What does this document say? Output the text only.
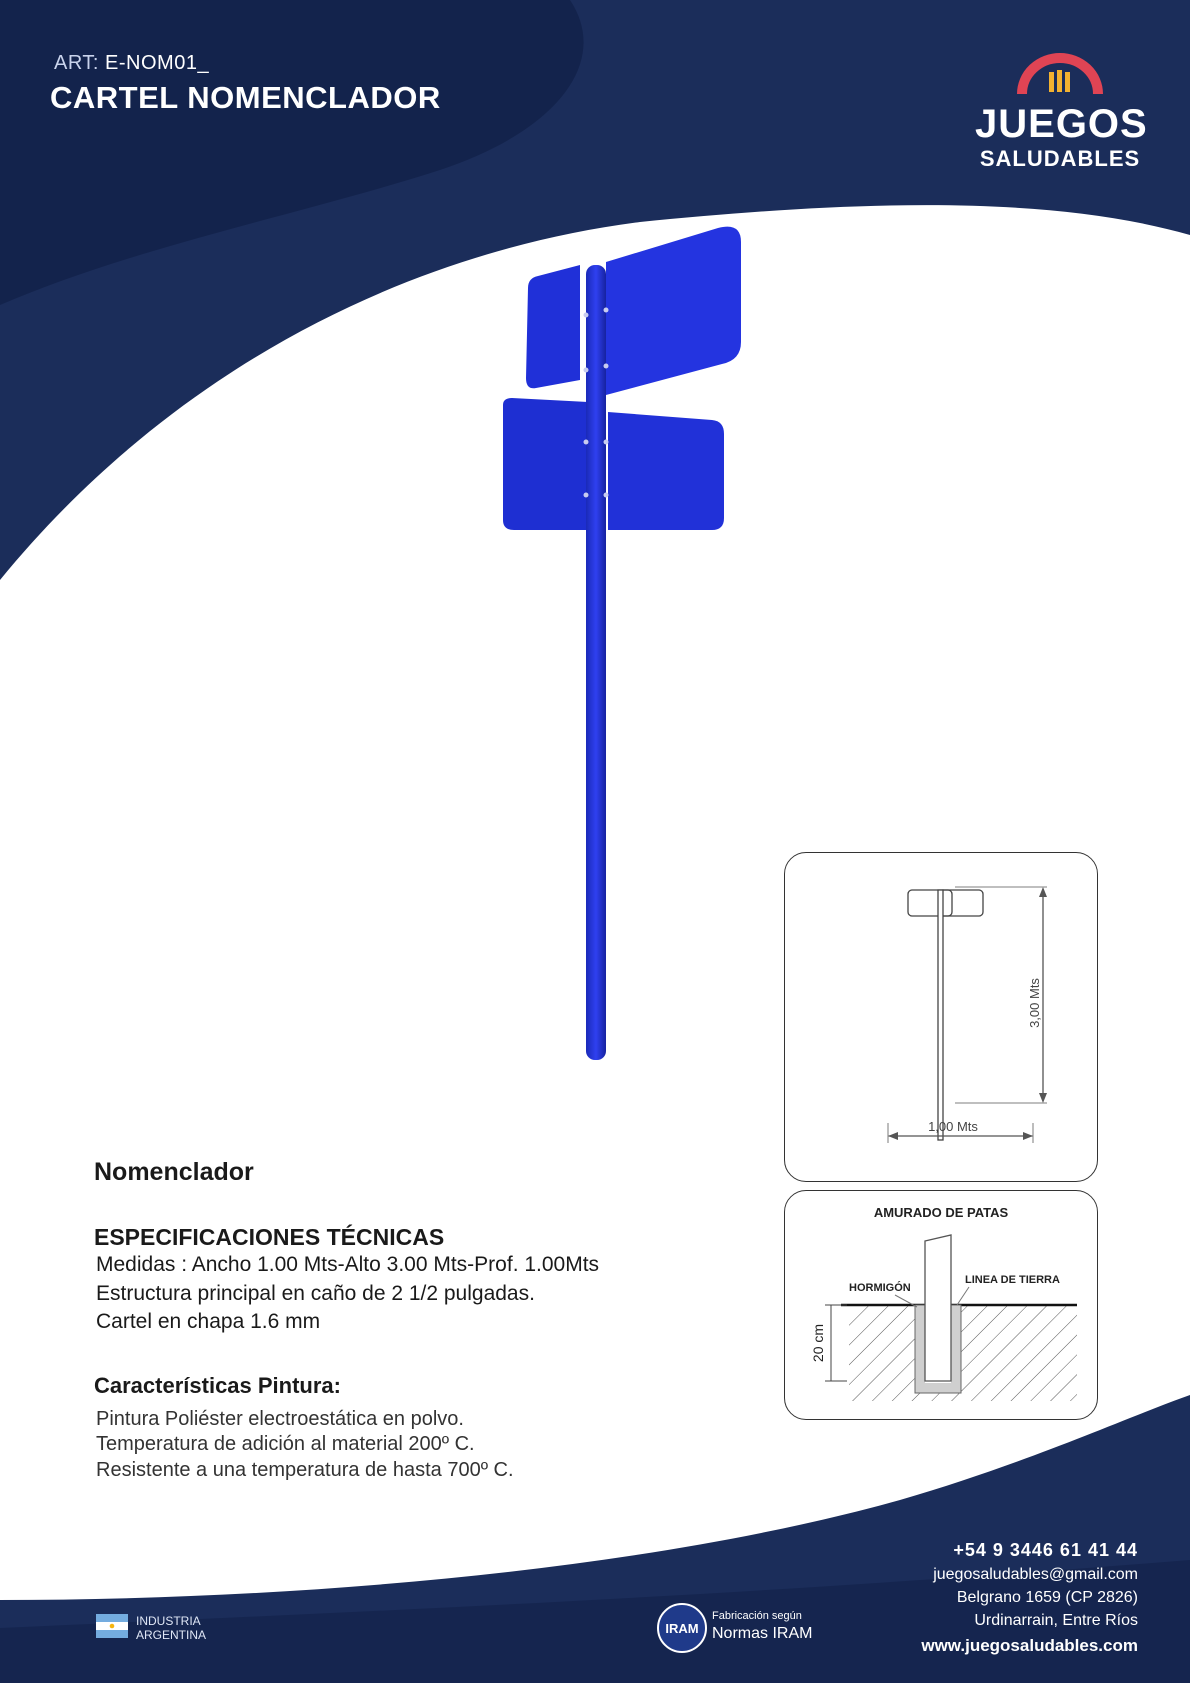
ART: E-NOM01_
CARTEL NOMENCLADOR
JUEGOS
SALUDABLES
3,00 Mts
1,00 Mts
AMURADO DE PATAS
HORMIGÓN
LINEA DE TIERRA
20 cm
Nomenclador
ESPECIFICACIONES TÉCNICAS
Medidas : Ancho 1.00 Mts-Alto 3.00 Mts-Prof. 1.00Mts
Estructura principal en caño de 2 1/2 pulgadas.
Cartel en chapa 1.6 mm
Características Pintura:
Pintura Poliéster electroestática en polvo.
Temperatura de adición al material 200º C.
Resistente a una temperatura de hasta 700º C.
+54 9 3446 61 41 44
juegosaludables@gmail.com
Belgrano 1659 (CP 2826)
Urdinarrain, Entre Ríos
www.juegosaludables.com
INDUSTRIA
ARGENTINA	IRAM
Fabricación según
Normas IRAM
